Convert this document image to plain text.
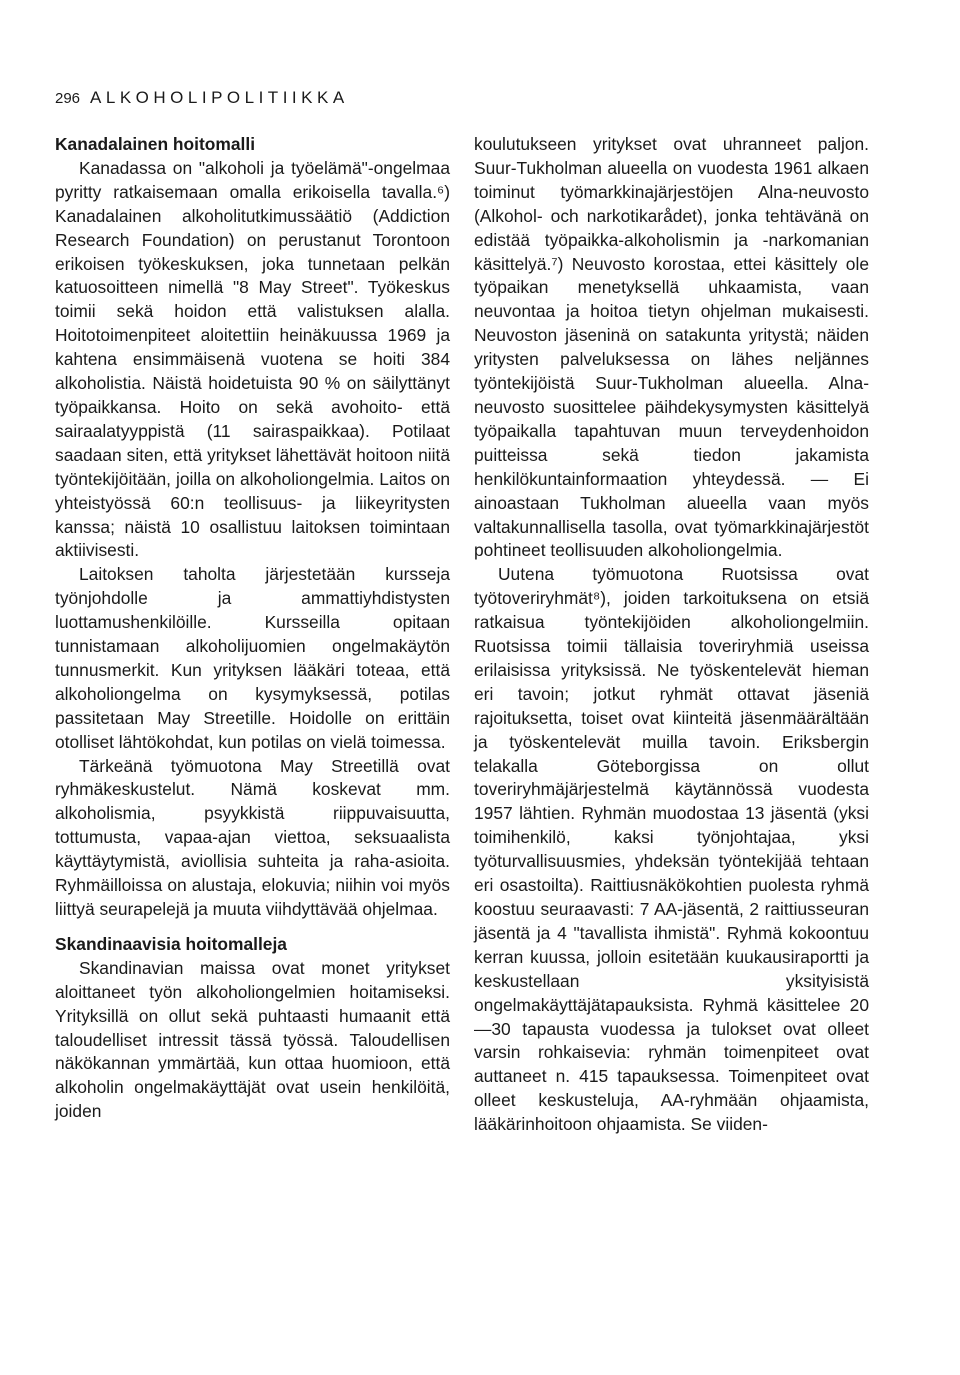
296 ALKOHOLIPOLITIIKKA
Kanadalainen hoitomalli

Kanadassa on "alkoholi ja työelämä"-ongelmaa pyritty ratkaisemaan omalla erikoisella tavalla.⁶) Kanadalainen alkoholitutkimussäätiö (Addiction Research Foundation) on perustanut Torontoon erikoisen työkeskuksen, joka tunnetaan pelkän katuosoitteen nimellä "8 May Street". Työkeskus toimii sekä hoidon että valistuksen alalla. Hoitotoimenpiteet aloitettiin heinäkuussa 1969 ja kahtena ensimmäisenä vuotena se hoiti 384 alkoholistia. Näistä hoidetuista 90 % on säilyttänyt työpaikkansa. Hoito on sekä avohoito- että sairaalatyyppistä (11 sairaspaikkaa). Potilaat saadaan siten, että yritykset lähettävät hoitoon niitä työntekijöitään, joilla on alkoholiongelmia. Laitos on yhteistyössä 60:n teollisuus- ja liikeyritysten kanssa; näistä 10 osallistuu laitoksen toimintaan aktiivisesti.

Laitoksen taholta järjestetään kursseja työnjohdolle ja ammattiyhdistysten luottamushenkilöille. Kursseilla opitaan tunnistamaan alkoholijuomien ongelmakäytön tunnusmerkit. Kun yrityksen lääkäri toteaa, että alkoholiongelma on kysymyksessä, potilas passitetaan May Streetille. Hoidolle on erittäin otolliset lähtökohdat, kun potilas on vielä toimessa.

Tärkeänä työmuotona May Streetillä ovat ryhmäkeskustelut. Nämä koskevat mm. alkoholismia, psyykkistä riippuvaisuutta, tottumusta, vapaa-ajan viettoa, seksuaalista käyttäytymistä, aviollisia suhteita ja raha-asioita. Ryhmäilloissa on alustaja, elokuvia; niihin voi myös liittyä seurapelejä ja muuta viihdyttävää ohjelmaa.

Skandinaavisia hoitomalleja

Skandinavian maissa ovat monet yritykset aloittaneet työn alkoholiongelmien hoitamiseksi. Yrityksillä on ollut sekä puhtaasti humaanit että taloudelliset intressit tässä työssä. Taloudellisen näkökannan ymmärtää, kun ottaa huomioon, että alkoholin ongelmakäyttäjät ovat usein henkilöitä, joiden

koulutukseen yritykset ovat uhranneet paljon. Suur-Tukholman alueella on vuodesta 1961 alkaen toiminut työmarkkinajärjestöjen Alna-neuvosto (Alkohol- och narkotikarådet), jonka tehtävänä on edistää työpaikka-alkoholismin ja -narkomanian käsittelyä.⁷) Neuvosto korostaa, ettei käsittely ole työpaikan menetyksellä uhkaamista, vaan neuvontaa ja hoitoa tietyn ohjelman mukaisesti. Neuvoston jäseninä on satakunta yritystä; näiden yritysten palveluksessa on lähes neljännes työntekijöistä Suur-Tukholman alueella. Alna-neuvosto suosittelee päihdekysymysten käsittelyä työpaikalla tapahtuvan muun terveydenhoidon puitteissa sekä tiedon jakamista henkilökuntainformaation yhteydessä. — Ei ainoastaan Tukholman alueella vaan myös valtakunnallisella tasolla, ovat työmarkkinajärjestöt pohtineet teollisuuden alkoholiongelmia.

Uutena työmuotona Ruotsissa ovat työtoveriryhmät⁸), joiden tarkoituksena on etsiä ratkaisua työntekijöiden alkoholiongelmiin. Ruotsissa toimii tällaisia toveriryhmiä useissa erilaisissa yrityksissä. Ne työskentelevät hieman eri tavoin; jotkut ryhmät ottavat jäseniä rajoituksetta, toiset ovat kiinteitä jäsenmäärältään ja työskentelevät muilla tavoin. Eriksbergin telakalla Göteborgissa on ollut toveriryhmäjärjestelmä käytännössä vuodesta 1957 lähtien. Ryhmän muodostaa 13 jäsentä (yksi toimihenkilö, kaksi työnjohtajaa, yksi työturvallisuusmies, yhdeksän työntekijää tehtaan eri osastoilta). Raittiusnäkökohtien puolesta ryhmä koostuu seuraavasti: 7 AA-jäsentä, 2 raittiusseuran jäsentä ja 4 "tavallista ihmistä". Ryhmä kokoontuu kerran kuussa, jolloin esitetään kuukausiraportti ja keskustellaan yksityisistä ongelmakäyttäjätapauksista. Ryhmä käsittelee 20—30 tapausta vuodessa ja tulokset ovat olleet varsin rohkaisevia: ryhmän toimenpiteet ovat auttaneet n. 415 tapauksessa. Toimenpiteet ovat olleet keskusteluja, AA-ryhmään ohjaamista, lääkärinhoitoon ohjaamista. Se viiden-
